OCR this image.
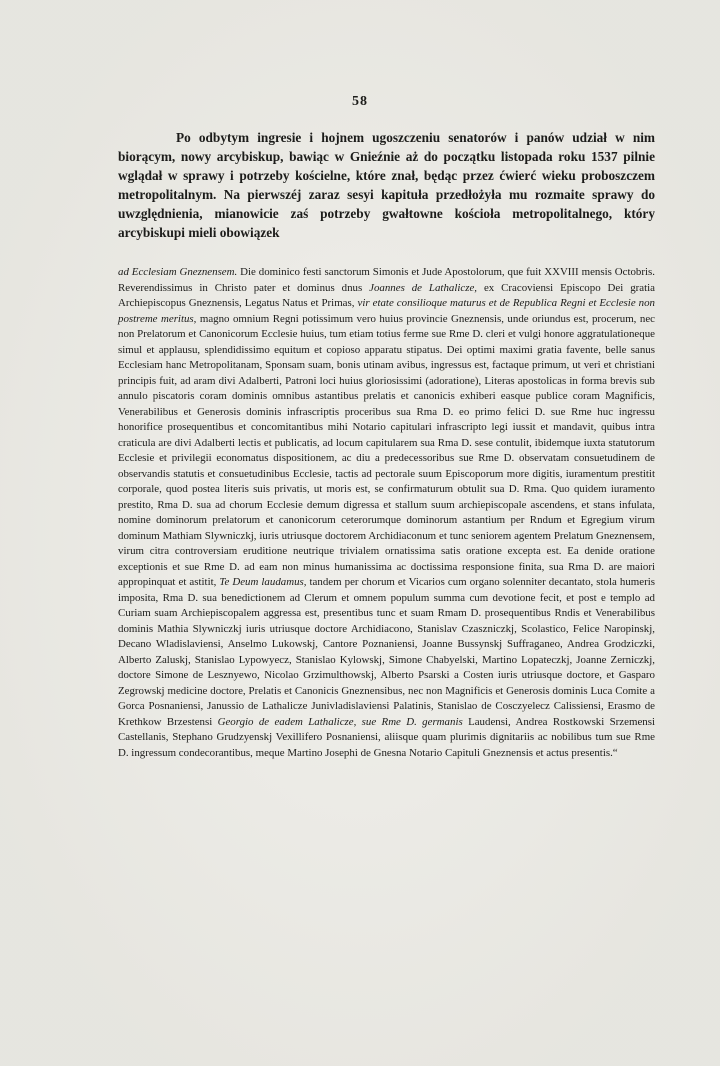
58

Po odbytym ingresie i hojnem ugoszczeniu senatorów i panów udział w nim biorącym, nowy arcybiskup, bawiąc w Gnieźnie aż do początku listopada roku 1537 pilnie wglądał w sprawy i potrzeby kościelne, które znał, będąc przez ćwierć wieku proboszczem metropolitalnym. Na pierwszéj zaraz sesyi kapituła przedłożyła mu rozmaite sprawy do uwzględnienia, mianowicie zaś potrzeby gwałtowne kościoła metropolitalnego, który arcybiskupi mieli obowiązek

ad Ecclesiam Gneznensem. Die dominico festi sanctorum Simonis et Jude Apostolorum, que fuit XXVIII mensis Octobris. Reverendissimus in Christo pater et dominus dnus Joannes de Lathalicze, ex Cracoviensi Episcopo Dei gratia Archiepiscopus Gneznensis, Legatus Natus et Primas, vir etate consilioque maturus et de Republica Regni et Ecclesie non postreme meritus, magno omnium Regni potissimum vero huius provincie Gneznensis, unde oriundus est, procerum, nec non Prelatorum et Canonicorum Ecclesie huius, tum etiam totius ferme sue Rme D. cleri et vulgi honore aggratulationeque simul et applausu, splendidissimo equitum et copioso apparatu stipatus. Dei optimi maximi gratia favente, belle sanus Ecclesiam hanc Metropolitanam, Sponsam suam, bonis utinam avibus, ingressus est, factaque primum, ut veri et christiani principis fuit, ad aram divi Adalberti, Patroni loci huius gloriosissimi (adoratione), Literas apostolicas in forma brevis sub annulo piscatoris coram dominis omnibus astantibus prelatis et canonicis exhiberi easque publice coram Magnificis, Venerabilibus et Generosis dominis infrascriptis proceribus sua Rma D. eo primo felici D. sue Rme huc ingressu honorifice prosequentibus et concomitantibus mihi Notario capitulari infrascripto legi iussit et mandavit, quibus intra craticula are divi Adalberti lectis et publicatis, ad locum capitularem sua Rma D. sese contulit, ibidemque iuxta statutorum Ecclesie et privilegii economatus dispositionem, ac diu a predecessoribus sue Rme D. observatam consuetudinem de observandis statutis et consuetudinibus Ecclesie, tactis ad pectorale suum Episcoporum more digitis, iuramentum prestitit corporale, quod postea literis suis privatis, ut moris est, se confirmaturum obtulit sua D. Rma. Quo quidem iuramento prestito, Rma D. sua ad chorum Ecclesie demum digressa et stallum suum archiepiscopale ascendens, et stans infulata, nomine dominorum prelatorum et canonicorum ceterorumque dominorum astantium per Rndum et Egregium virum dominum Mathiam Slywniczkj, iuris utriusque doctorem Archidiaconum et tunc seniorem agentem Prelatum Gneznensem, virum citra controversiam eruditione neutrique trivialem ornatissima satis oratione excepta est. Ea denide oratione exceptionis et sue Rme D. ad eam non minus humanissima ac doctissima responsione finita, sua Rma D. are maiori appropinquat et astitit, Te Deum laudamus, tandem per chorum et Vicarios cum organo solenniter decantato, stola humeris imposita, Rma D. sua benedictionem ad Clerum et omnem populum summa cum devotione fecit, et post e templo ad Curiam suam Archiepiscopalem aggressa est, presentibus tunc et suam Rmam D. prosequentibus Rndis et Venerabilibus dominis Mathia Slywniczkj iuris utriusque doctore Archidiacono, Stanislav Czaszniczkj, Scolastico, Felice Naropinskj, Decano Wladislaviensi, Anselmo Lukowskj, Cantore Poznaniensi, Joanne Bussynskj Suffraganeo, Andrea Grodziczki, Alberto Zaluskj, Stanislao Lypowyecz, Stanislao Kylowskj, Simone Chabyelski, Martino Lopateczkj, Joanne Zerniczkj, doctore Simone de Lesznyewo, Nicolao Grzimulthowskj, Alberto Psarski a Costen iuris utriusque doctore, et Gasparo Zegrowskj medicine doctore, Prelatis et Canonicis Gneznensibus, nec non Magnificis et Generosis dominis Luca Comite a Gorca Posnaniensi, Janussio de Lathalicze Junivladislaviensi Palatinis, Stanislao de Cosczyelecz Calissiensi, Erasmo de Krethkow Brzestensi Georgio de eadem Lathalicze, sue Rme D. germanis Laudensi, Andrea Rostkowski Srzemensi Castellanis, Stephano Grudzyenskj Vexillifero Posnaniensi, aliisque quam plurimis dignitariis ac nobilibus tum sue Rme D. ingressum condecorantibus, meque Martino Josephi de Gnesna Notario Capituli Gneznensis et actus presentis.“
